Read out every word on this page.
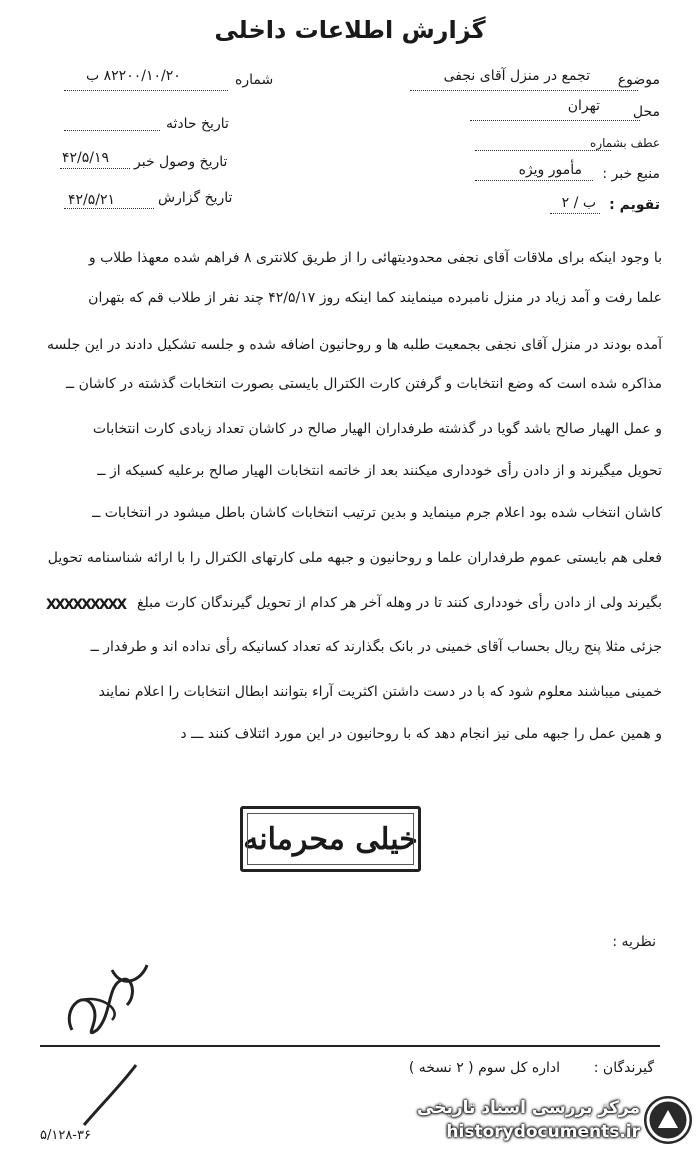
گزارش اطلاعات داخلی
موضوع
تجمع در منزل آقای نجفی
محل
تهران
عطف بشماره
منبع خبر :
مأمور ویژه
تقویم :
ب / ۲
شماره
۸۲۲۰۰/۱۰/۲۰ ب
تاریخ حادثه
تاریخ وصول خبر
۴۲/۵/۱۹
تاریخ گزارش
۴۲/۵/۲۱
با وجود اینکه برای ملاقات آقای نجفی محدودیتهائی را از طریق کلانتری ۸ فراهم شده معهذا طلاب و
علما رفت و آمد زیاد در منزل نامبرده مینمایند کما اینکه روز ۴۲/۵/۱۷ چند نفر از طلاب قم که بتهران
آمده بودند در منزل آقای نجفی بجمعیت طلبه ها و روحانیون اضافه شده و جلسه تشکیل دادند در این جلسه
مذاکره شده است که وضع انتخابات و گرفتن کارت الکترال بایستی بصورت انتخابات گذشته در کاشان ــ
و عمل الهیار صالح باشد گویا در گذشته طرفداران الهیار صالح در کاشان تعداد زیادی کارت انتخابات
تحویل میگیرند و از دادن رأی خودداری میکنند بعد از خاتمه انتخابات الهیار صالح برعلیه کسیکه از ــ
کاشان انتخاب شده بود اعلام جرم مینماید و بدین ترتیب انتخابات کاشان باطل میشود در انتخابات ــ
فعلی هم بایستی عموم طرفداران علما و روحانیون و جبهه ملی کارتهای الکترال را با ارائه شناسنامه تحویل
بگیرند ولی از دادن رأی خودداری کنند تا در وهله آخر هر کدام از تحویل گیرندگان کارت مبلغ
XXXXXXXXX
جزئی مثلا پنج ریال بحساب آقای خمینی در بانک بگذارند که تعداد کسانیکه رأی نداده اند و طرفدار ــ
خمینی میباشند معلوم شود که با در دست داشتن اکثریت آراء بتوانند ابطال انتخابات را اعلام نمایند
و همین عمل را جبهه ملی نیز انجام دهد که با روحانیون در این مورد ائتلاف کنند ـــ د
خیلی محرمانه
نظریه :
گیرندگان :
اداره کل سوم ( ۲ نسخه )
۵/۱۲۸-۳۶
مرکز بررسی اسناد تاریخی
historydocuments.ir
